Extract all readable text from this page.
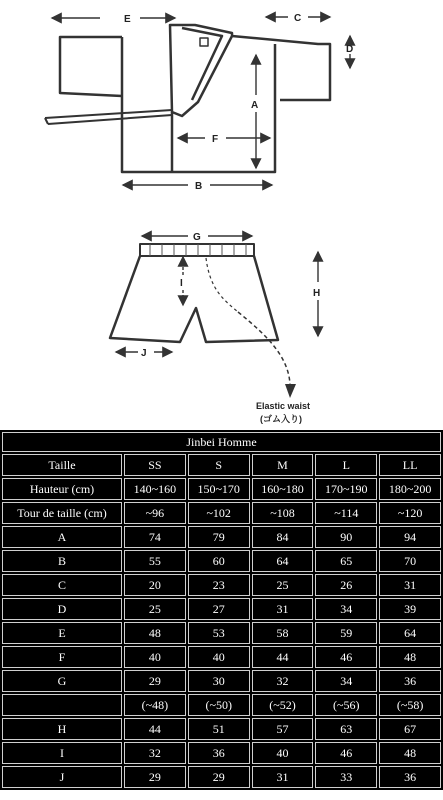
E	C
D
A
F
B
G
H
I
J
Elastic waist
(ゴム入り)
Jinbei Homme					
Taille	SS	S	M	L	LL
Hauteur (cm)	140~160	150~170	160~180	170~190	180~200
Tour de taille (cm)	~96	~102	~108	~114	~120
A	74	79	84	90	94
B	55	60	64	65	70
C	20	23	25	26	31
D	25	27	31	34	39
E	48	53	58	59	64
F	40	40	44	46	48
G	29	30	32	34	36
	(~48)	(~50)	(~52)	(~56)	(~58)
H	44	51	57	63	67
I	32	36	40	46	48
J	29	29	31	33	36
